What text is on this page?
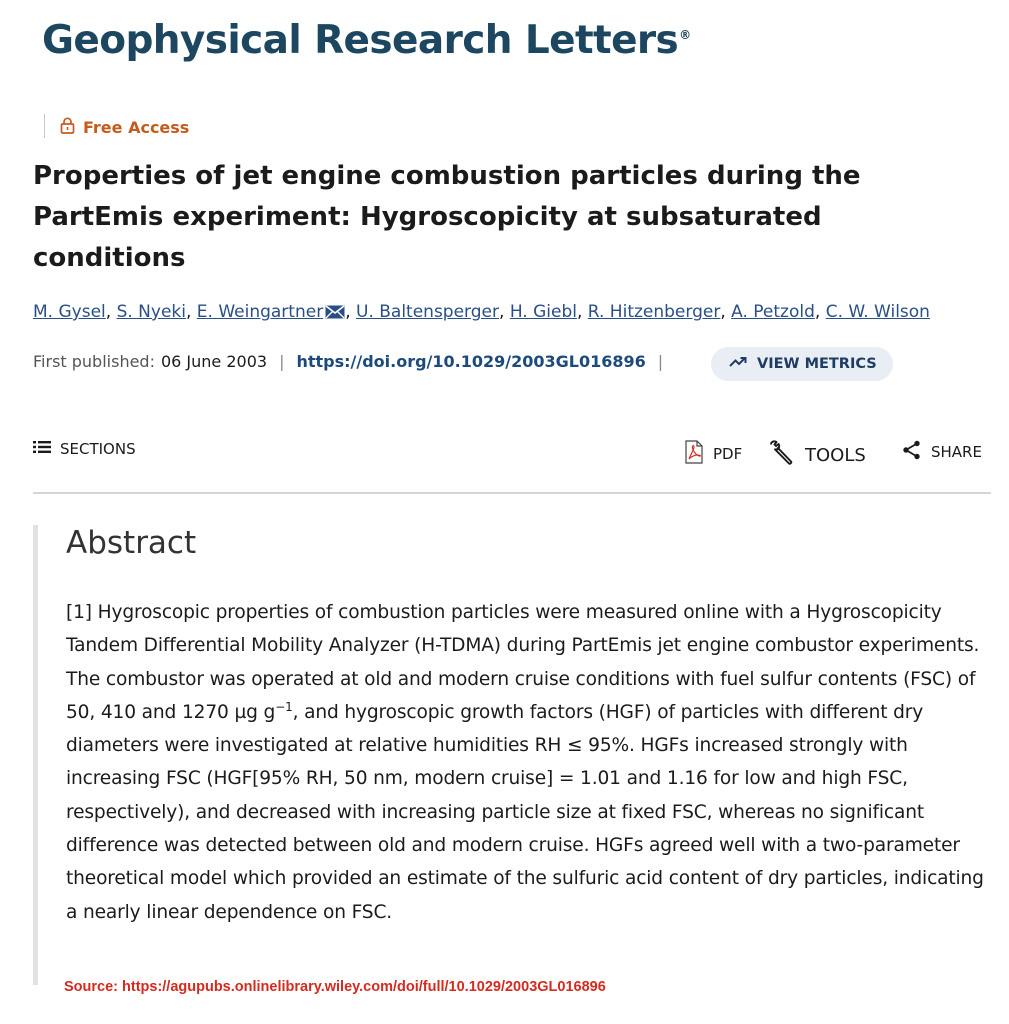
Geophysical Research Letters®
Free Access
Properties of jet engine combustion particles during the PartEmis experiment: Hygroscopicity at subsaturated conditions
M. Gysel, S. Nyeki, E. Weingartner , U. Baltensperger, H. Giebl, R. Hitzenberger, A. Petzold, C. W. Wilson
First published: 06 June 2003 | https://doi.org/10.1029/2003GL016896 |	VIEW METRICS
SECTIONS	PDF	TOOLS	SHARE
Abstract

[1] Hygroscopic properties of combustion particles were measured online with a Hygroscopicity Tandem Differential Mobility Analyzer (H-TDMA) during PartEmis jet engine combustor experiments. The combustor was operated at old and modern cruise conditions with fuel sulfur contents (FSC) of 50, 410 and 1270 µg $g^{-1}$, and hygroscopic growth factors (HGF) of particles with different dry diameters were investigated at relative humidities RH ≤ 95%. HGFs increased strongly with increasing FSC (HGF[95% RH, 50 nm, modern cruise] = 1.01 and 1.16 for low and high FSC, respectively), and decreased with increasing particle size at fixed FSC, whereas no significant difference was detected between old and modern cruise. HGFs agreed well with a two-parameter theoretical model which provided an estimate of the sulfuric acid content of dry particles, indicating a nearly linear dependence on FSC.

Source: https://agupubs.onlinelibrary.wiley.com/doi/full/10.1029/2003GL016896
